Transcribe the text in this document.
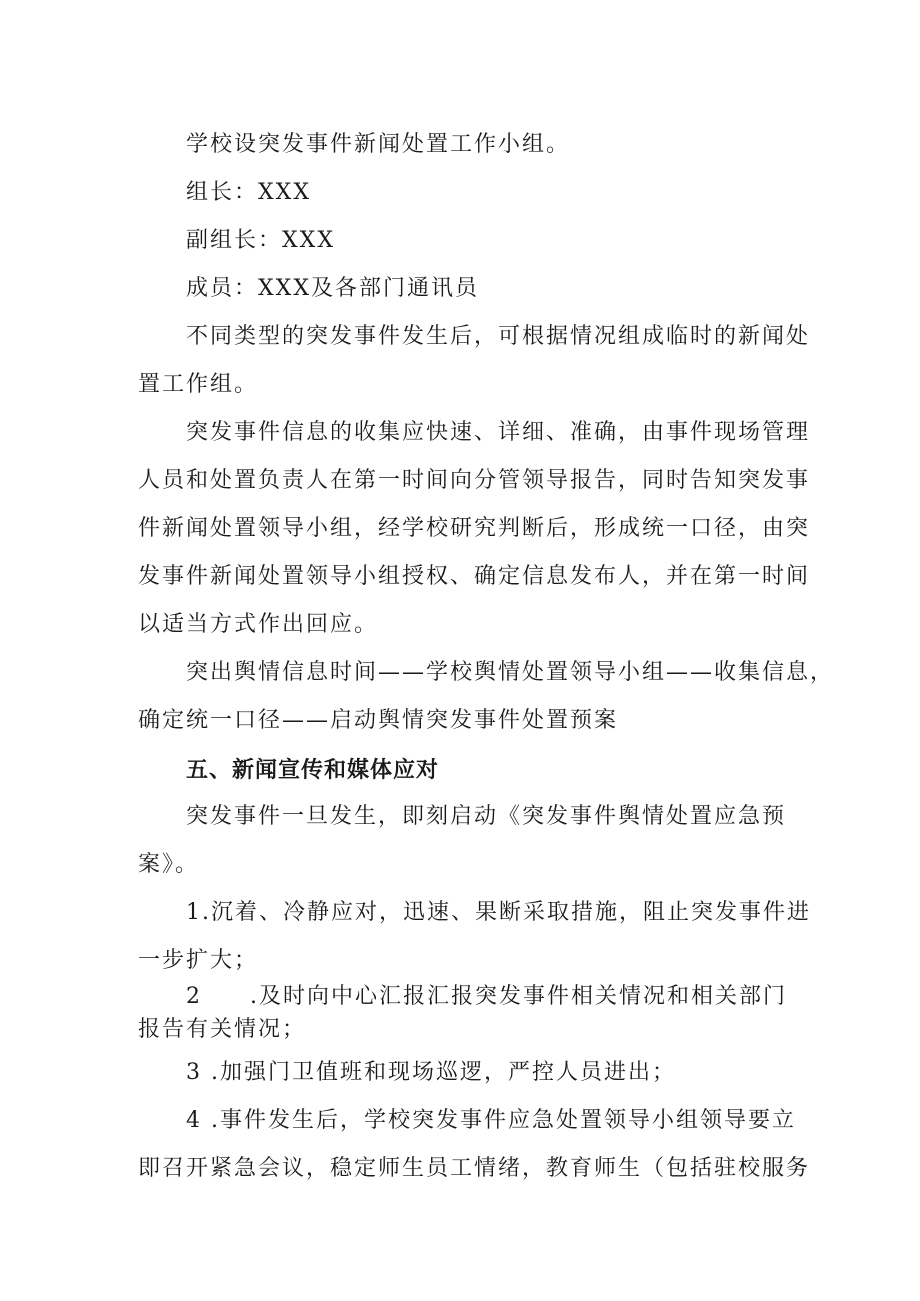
学校设突发事件新闻处置工作小组。
组长：XXX
副组长：XXX
成员：XXX及各部门通讯员
不同类型的突发事件发生后，可根据情况组成临时的新闻处
置工作组。
突发事件信息的收集应快速、详细、准确，由事件现场管理
人员和处置负责人在第一时间向分管领导报告，同时告知突发事
件新闻处置领导小组，经学校研究判断后，形成统一口径，由突
发事件新闻处置领导小组授权、确定信息发布人，并在第一时间
以适当方式作出回应。
突出舆情信息时间——学校舆情处置领导小组——收集信息，
确定统一口径——启动舆情突发事件处置预案
五、新闻宣传和媒体应对
突发事件一旦发生，即刻启动《突发事件舆情处置应急预
案》。
1.沉着、冷静应对，迅速、果断采取措施，阻止突发事件进
一步扩大；
2 .及时向中心汇报汇报突发事件相关情况和相关部门
报告有关情况；
3 .加强门卫值班和现场巡逻，严控人员进出；
4 .事件发生后，学校突发事件应急处置领导小组领导要立
即召开紧急会议，稳定师生员工情绪，教育师生（包括驻校服务
